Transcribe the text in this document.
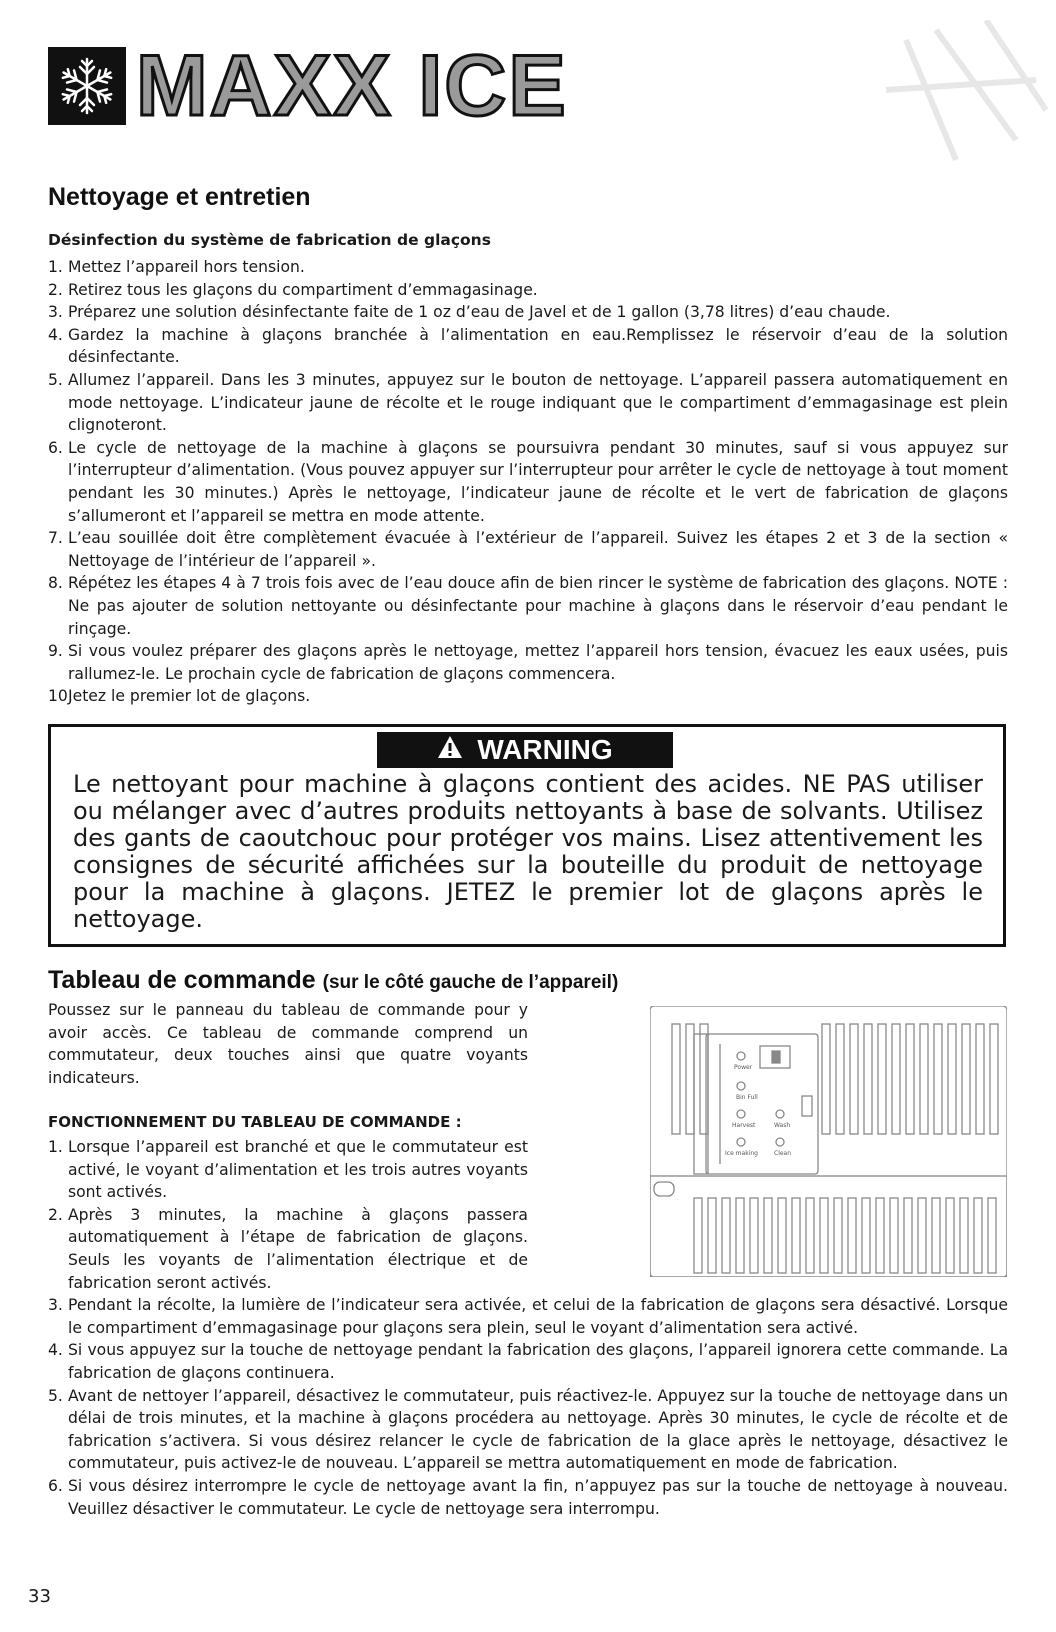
MAXX ICE
Nettoyage et entretien
Désinfection du système de fabrication de glaçons
1. Mettez l’appareil hors tension.
2. Retirez tous les glaçons du compartiment d’emmagasinage.
3. Préparez une solution désinfectante faite de 1 oz d’eau de Javel et de 1 gallon (3,78 litres) d’eau chaude.
4. Gardez la machine à glaçons branchée à l’alimentation en eau.Remplissez le réservoir d’eau de la solution désinfectante.
5. Allumez l’appareil. Dans les 3 minutes, appuyez sur le bouton de nettoyage. L’appareil passera automatiquement en mode nettoyage. L’indicateur jaune de récolte et le rouge indiquant que le compartiment d’emmagasinage est plein clignoteront.
6. Le cycle de nettoyage de la machine à glaçons se poursuivra pendant 30 minutes, sauf si vous appuyez sur l’interrupteur d’alimentation. (Vous pouvez appuyer sur l’interrupteur pour arrêter le cycle de nettoyage à tout moment pendant les 30 minutes.) Après le nettoyage, l’indicateur jaune de récolte et le vert de fabrication de glaçons s’allumeront et l’appareil se mettra en mode attente.
7. L’eau souillée doit être complètement évacuée à l’extérieur de l’appareil. Suivez les étapes 2 et 3 de la section « Nettoyage de l’intérieur de l’appareil ».
8. Répétez les étapes 4 à 7 trois fois avec de l’eau douce afin de bien rincer le système de fabrication des glaçons. NOTE : Ne pas ajouter de solution nettoyante ou désinfectante pour machine à glaçons dans le réservoir d’eau pendant le rinçage.
9. Si vous voulez préparer des glaçons après le nettoyage, mettez l’appareil hors tension, évacuez les eaux usées, puis rallumez-le. Le prochain cycle de fabrication de glaçons commencera.
10.
Jetez le premier lot de glaçons.
WARNING
Le nettoyant pour machine à glaçons contient des acides. NE PAS utiliser ou mélanger avec d’autres produits nettoyants à base de solvants. Utilisez des gants de caoutchouc pour protéger vos mains. Lisez attentivement les consignes de sécurité affichées sur la bouteille du produit de nettoyage pour la machine à glaçons. JETEZ le premier lot de glaçons après le nettoyage.
Tableau de commande (sur le côté gauche de l’appareil)

Poussez sur le panneau du tableau de commande pour y avoir accès. Ce tableau de commande comprend un commutateur, deux touches ainsi que quatre voyants indicateurs.

FONCTIONNEMENT DU TABLEAU DE COMMANDE :
1. Lorsque l’appareil est branché et que le commutateur est activé, le voyant d’alimentation et les trois autres voyants sont activés.
2. Après 3 minutes, la machine à glaçons passera automatiquement à l’étape de fabrication de glaçons. Seuls les voyants de l’alimentation électrique et de fabrication seront activés.
3. Pendant la récolte, la lumière de l’indicateur sera activée, et celui de la fabrication de glaçons sera désactivé. Lorsque le compartiment d’emmagasinage pour glaçons sera plein, seul le voyant d’alimentation sera activé.
4. Si vous appuyez sur la touche de nettoyage pendant la fabrication des glaçons, l’appareil ignorera cette commande. La fabrication de glaçons continuera.
5. Avant de nettoyer l’appareil, désactivez le commutateur, puis réactivez-le. Appuyez sur la touche de nettoyage dans un délai de trois minutes, et la machine à glaçons procédera au nettoyage. Après 30 minutes, le cycle de récolte et de fabrication s’activera. Si vous désirez relancer le cycle de fabrication de la glace après le nettoyage, désactivez le commutateur, puis activez-le de nouveau. L’appareil se mettra automatiquement en mode de fabrication.
6. Si vous désirez interrompre le cycle de nettoyage avant la fin, n’appuyez pas sur la touche de nettoyage à nouveau. Veuillez désactiver le commutateur. Le cycle de nettoyage sera interrompu.
Power
Bin Full
Harvest
Ice making
Wash
Clean
33
